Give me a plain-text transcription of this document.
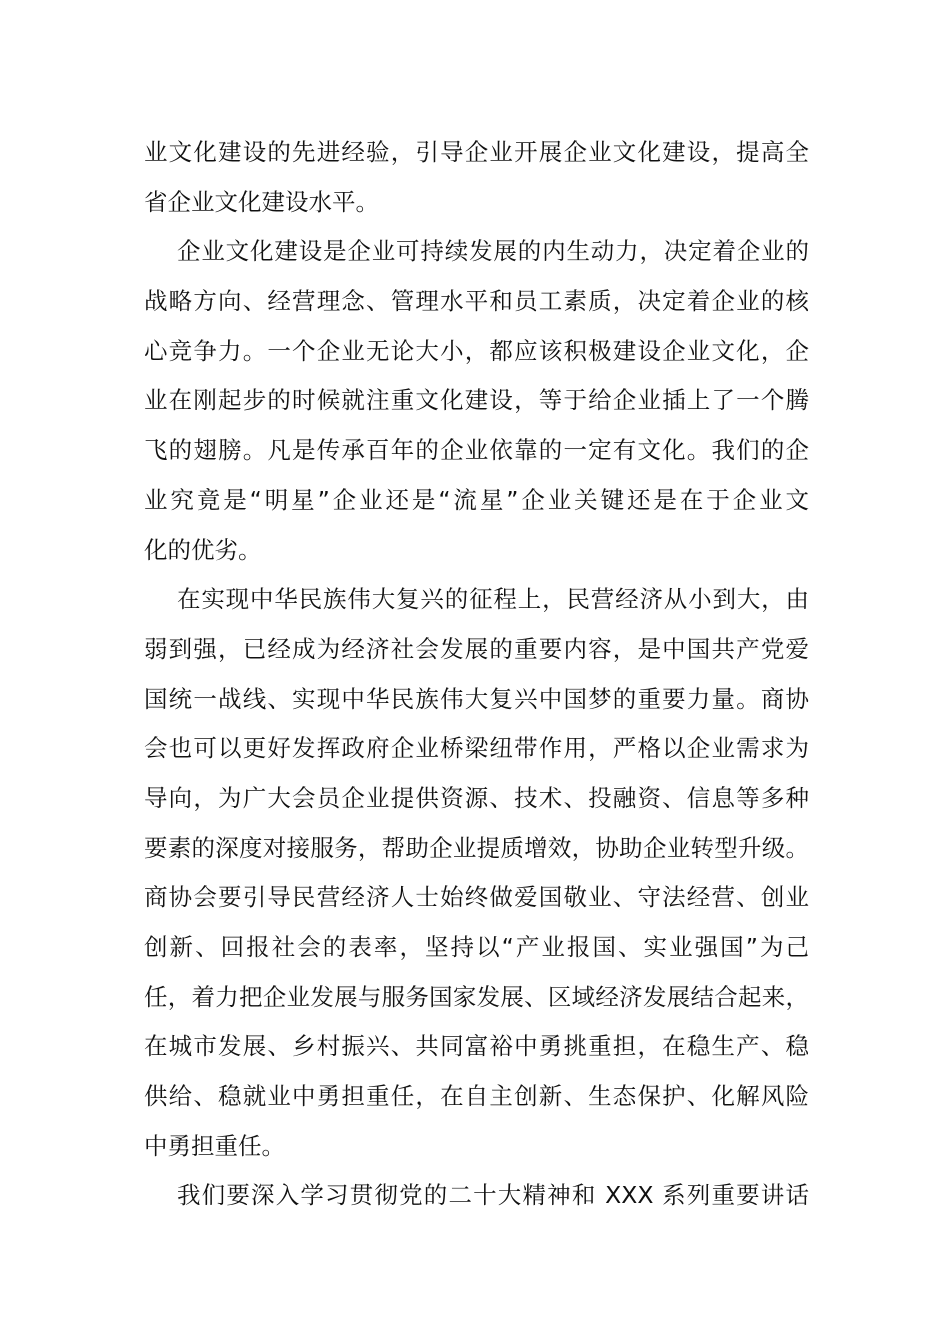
业文化建设的先进经验，引导企业开展企业文化建设，提高全
省企业文化建设水平。
企业文化建设是企业可持续发展的内生动力，决定着企业的
战略方向、经营理念、管理水平和员工素质，决定着企业的核
心竞争力。一个企业无论大小，都应该积极建设企业文化，企
业在刚起步的时候就注重文化建设，等于给企业插上了一个腾
飞的翅膀。凡是传承百年的企业依靠的一定有文化。我们的企
业究竟是“明星”企业还是“流星”企业关键还是在于企业文
化的优劣。
在实现中华民族伟大复兴的征程上，民营经济从小到大，由
弱到强，已经成为经济社会发展的重要内容，是中国共产党爱
国统一战线、实现中华民族伟大复兴中国梦的重要力量。商协
会也可以更好发挥政府企业桥梁纽带作用，严格以企业需求为
导向，为广大会员企业提供资源、技术、投融资、信息等多种
要素的深度对接服务，帮助企业提质增效，协助企业转型升级。
商协会要引导民营经济人士始终做爱国敬业、守法经营、创业
创新、回报社会的表率，坚持以“产业报国、实业强国”为己
任，着力把企业发展与服务国家发展、区域经济发展结合起来，
在城市发展、乡村振兴、共同富裕中勇挑重担，在稳生产、稳
供给、稳就业中勇担重任，在自主创新、生态保护、化解风险
中勇担重任。
我们要深入学习贯彻党的二十大精神和 XXX 系列重要讲话
